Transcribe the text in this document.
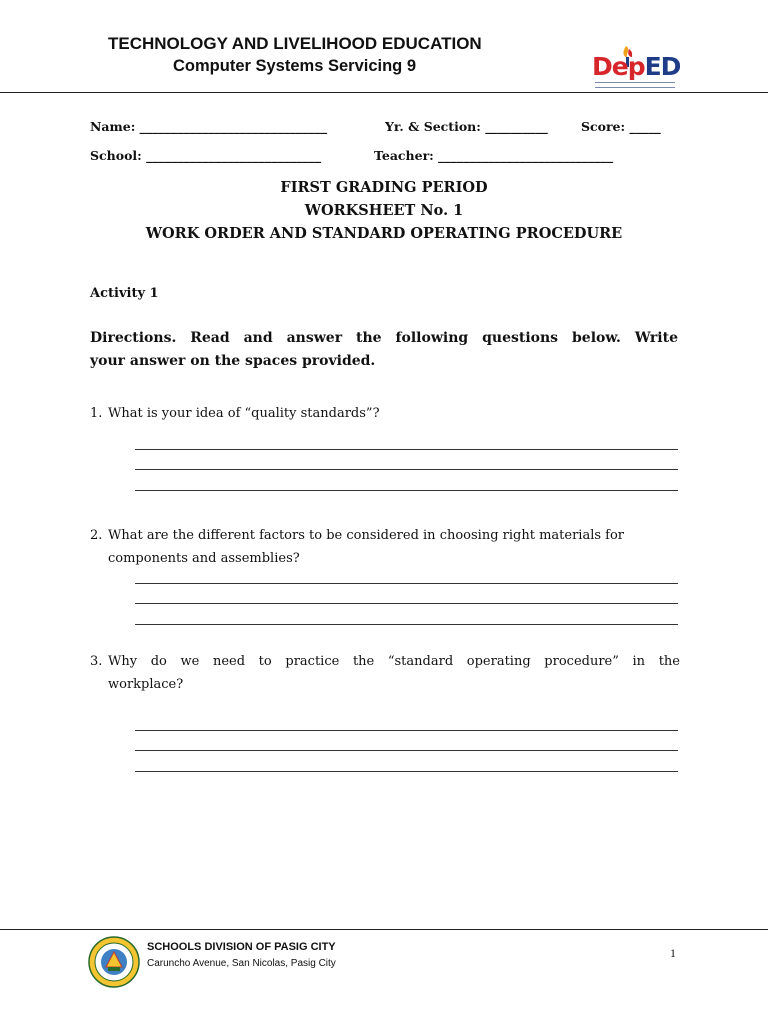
TECHNOLOGY AND LIVELIHOOD EDUCATION
Computer Systems Servicing 9	DepED
Name: ______________________________	Yr. & Section: __________	Score: _____
School: ____________________________	Teacher: ____________________________
FIRST GRADING PERIOD
WORKSHEET No. 1
WORK ORDER AND STANDARD OPERATING PROCEDURE
Activity 1
Directions. Read and answer the following questions below. Write
your answer on the spaces provided.
1. What is your idea of “quality standards”?
2. What are the different factors to be considered in choosing right materials for
components and assemblies?
3. Why do we need to practice the “standard operating procedure” in the
workplace?
SCHOOLS DIVISION OF PASIG CITY
Caruncho Avenue, San Nicolas, Pasig City
1
